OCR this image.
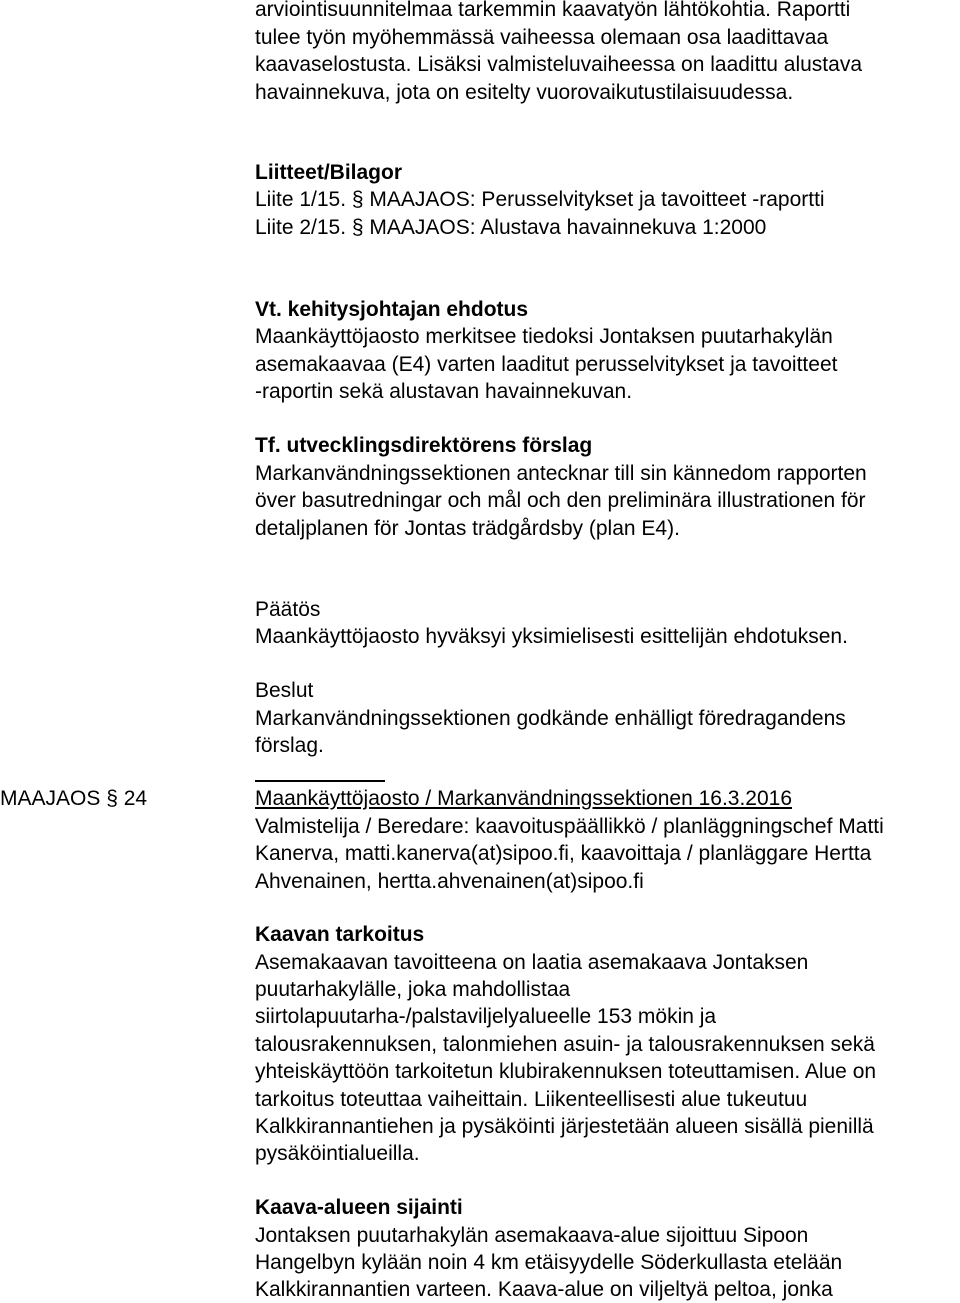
arviointisuunnitelmaa tarkemmin kaavatyön lähtökohtia. Raportti
tulee työn myöhemmässä vaiheessa olemaan osa laadittavaa
kaavaselostusta. Lisäksi valmisteluvaiheessa on laadittu alustava
havainnekuva, jota on esitelty vuorovaikutustilaisuudessa.
Liitteet/Bilagor
Liite 1/15. § MAAJAOS: Perusselvitykset ja tavoitteet -raportti
Liite 2/15. § MAAJAOS: Alustava havainnekuva 1:2000
Vt. kehitysjohtajan ehdotus
Maankäyttöjaosto merkitsee tiedoksi Jontaksen puutarhakylän
asemakaavaa (E4) varten laaditut perusselvitykset ja tavoitteet
-raportin sekä alustavan havainnekuvan.
Tf. utvecklingsdirektörens förslag
Markanvändningssektionen antecknar till sin kännedom rapporten
över basutredningar och mål och den preliminära illustrationen för
detaljplanen för Jontas trädgårdsby (plan E4).
Päätös
Maankäyttöjaosto hyväksyi yksimielisesti esittelijän ehdotuksen.
Beslut
Markanvändningssektionen godkände enhälligt föredragandens
förslag.
MAAJAOS § 24	Maankäyttöjaosto / Markanvändningssektionen 16.3.2016
Valmistelija / Beredare: kaavoituspäällikkö / planläggningschef Matti
Kanerva, matti.kanerva(at)sipoo.fi, kaavoittaja / planläggare Hertta
Ahvenainen, hertta.ahvenainen(at)sipoo.fi
Kaavan tarkoitus
Asemakaavan tavoitteena on laatia asemakaava Jontaksen
puutarhakylälle, joka mahdollistaa
siirtolapuutarha-/palstaviljelyalueelle 153 mökin ja
talousrakennuksen, talonmiehen asuin- ja talousrakennuksen sekä
yhteiskäyttöön tarkoitetun klubirakennuksen toteuttamisen. Alue on
tarkoitus toteuttaa vaiheittain. Liikenteellisesti alue tukeutuu
Kalkkirannantiehen ja pysäköinti järjestetään alueen sisällä pienillä
pysäköintialueilla.
Kaava-alueen sijainti
Jontaksen puutarhakylän asemakaava-alue sijoittuu Sipoon
Hangelbyn kylään noin 4 km etäisyydelle Söderkullasta etelään
Kalkkirannantien varteen. Kaava-alue on viljeltyä peltoa, jonka
